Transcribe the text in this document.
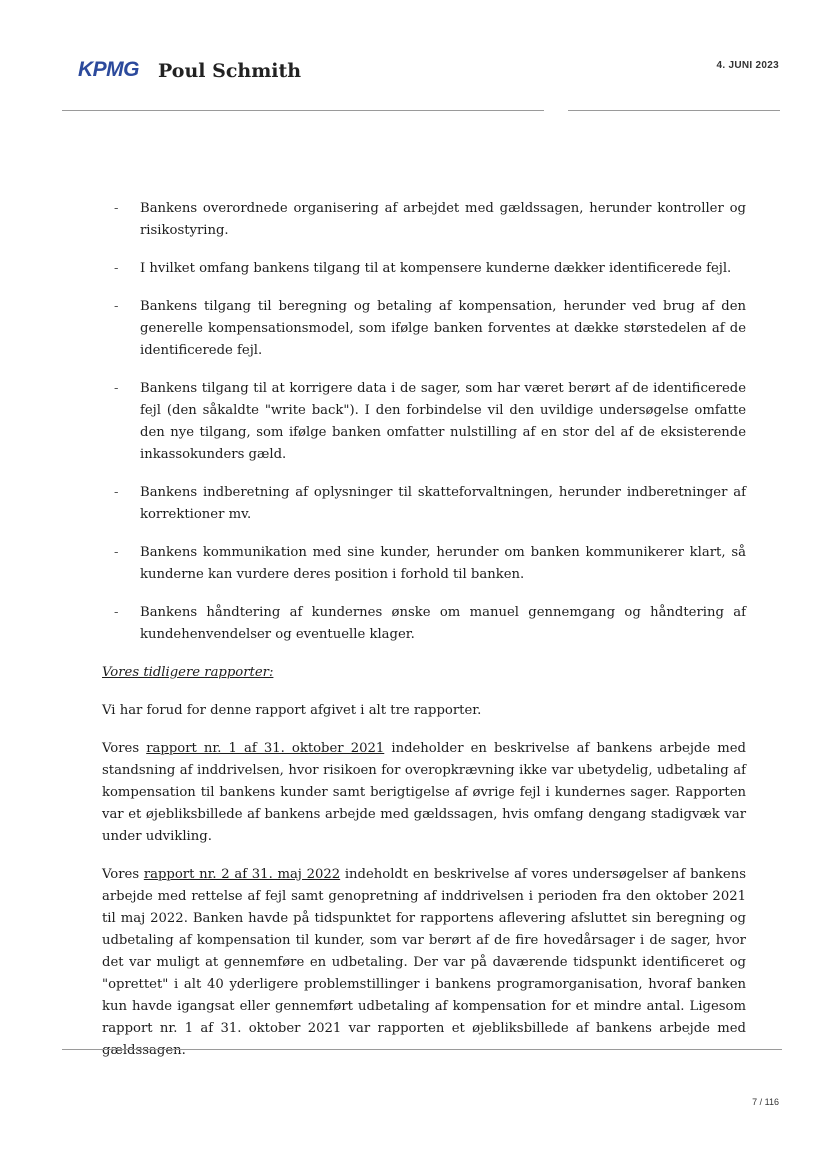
KPMG Poul Schmith	4. JUNI 2023
- Bankens overordnede organisering af arbejdet med gældssagen, herunder kontroller og risikostyring.
- I hvilket omfang bankens tilgang til at kompensere kunderne dækker identificerede fejl.
- Bankens tilgang til beregning og betaling af kompensation, herunder ved brug af den generelle kompensationsmodel, som ifølge banken forventes at dække størstedelen af de identificerede fejl.
- Bankens tilgang til at korrigere data i de sager, som har været berørt af de identificerede fejl (den såkaldte "write back"). I den forbindelse vil den uvildige undersøgelse omfatte den nye tilgang, som ifølge banken omfatter nulstilling af en stor del af de eksisterende inkassokunders gæld.
- Bankens indberetning af oplysninger til skatteforvaltningen, herunder indberetninger af korrektioner mv.
- Bankens kommunikation med sine kunder, herunder om banken kommunikerer klart, så kunderne kan vurdere deres position i forhold til banken.
- Bankens håndtering af kundernes ønske om manuel gennemgang og håndtering af kundehenvendelser og eventuelle klager.
Vores tidligere rapporter:

Vi har forud for denne rapport afgivet i alt tre rapporter.

Vores rapport nr. 1 af 31. oktober 2021 indeholder en beskrivelse af bankens arbejde med standsning af inddrivelsen, hvor risikoen for overopkrævning ikke var ubetydelig, udbetaling af kompensation til bankens kunder samt berigtigelse af øvrige fejl i kundernes sager. Rapporten var et øjebliksbillede af bankens arbejde med gældssagen, hvis omfang dengang stadigvæk var under udvikling.

Vores rapport nr. 2 af 31. maj 2022 indeholdt en beskrivelse af vores undersøgelser af bankens arbejde med rettelse af fejl samt genopretning af inddrivelsen i perioden fra den oktober 2021 til maj 2022. Banken havde på tidspunktet for rapportens aflevering afsluttet sin beregning og udbetaling af kompensation til kunder, som var berørt af de fire hovedårsager i de sager, hvor det var muligt at gennemføre en udbetaling. Der var på daværende tidspunkt identificeret og "oprettet" i alt 40 yderligere problemstillinger i bankens programorganisation, hvoraf banken kun havde igangsat eller gennemført udbetaling af kompensation for et mindre antal. Ligesom rapport nr. 1 af 31. oktober 2021 var rapporten et øjebliksbillede af bankens arbejde med gældssagen.

7 / 116
